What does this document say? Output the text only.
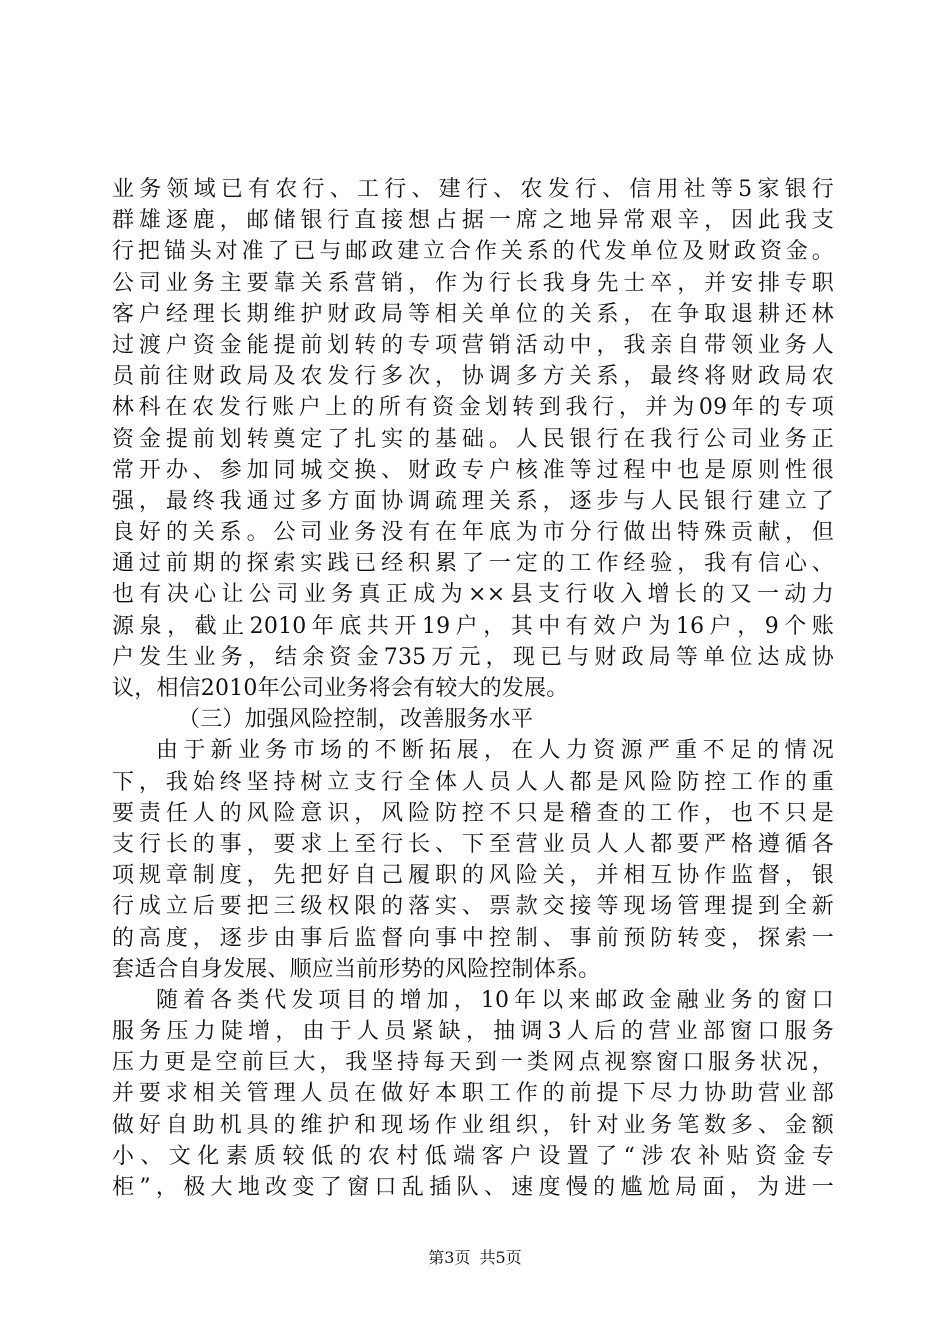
业务领域已有农行、工行、建行、农发行、信用社等5家银行
群雄逐鹿，邮储银行直接想占据一席之地异常艰辛，因此我支
行把锚头对准了已与邮政建立合作关系的代发单位及财政资金。
公司业务主要靠关系营销，作为行长我身先士卒，并安排专职
客户经理长期维护财政局等相关单位的关系，在争取退耕还林
过渡户资金能提前划转的专项营销活动中，我亲自带领业务人
员前往财政局及农发行多次，协调多方关系，最终将财政局农
林科在农发行账户上的所有资金划转到我行，并为09年的专项
资金提前划转奠定了扎实的基础。人民银行在我行公司业务正
常开办、参加同城交换、财政专户核准等过程中也是原则性很
强，最终我通过多方面协调疏理关系，逐步与人民银行建立了
良好的关系。公司业务没有在年底为市分行做出特殊贡献，但
通过前期的探索实践已经积累了一定的工作经验，我有信心、
也有决心让公司业务真正成为××县支行收入增长的又一动力
源泉，截止2010年底共开19户，其中有效户为16户，9个账
户发生业务，结余资金735万元，现已与财政局等单位达成协
议，相信2010年公司业务将会有较大的发展。
（三）加强风险控制，改善服务水平
由于新业务市场的不断拓展，在人力资源严重不足的情况
下，我始终坚持树立支行全体人员人人都是风险防控工作的重
要责任人的风险意识，风险防控不只是稽查的工作，也不只是
支行长的事，要求上至行长、下至营业员人人都要严格遵循各
项规章制度，先把好自己履职的风险关，并相互协作监督，银
行成立后要把三级权限的落实、票款交接等现场管理提到全新
的高度，逐步由事后监督向事中控制、事前预防转变，探索一
套适合自身发展、顺应当前形势的风险控制体系。
随着各类代发项目的增加，10年以来邮政金融业务的窗口
服务压力陡增，由于人员紧缺，抽调3人后的营业部窗口服务
压力更是空前巨大，我坚持每天到一类网点视察窗口服务状况，
并要求相关管理人员在做好本职工作的前提下尽力协助营业部
做好自助机具的维护和现场作业组织，针对业务笔数多、金额
小、文化素质较低的农村低端客户设置了“涉农补贴资金专
柜”，极大地改变了窗口乱插队、速度慢的尴尬局面，为进一
第3页 共5页
